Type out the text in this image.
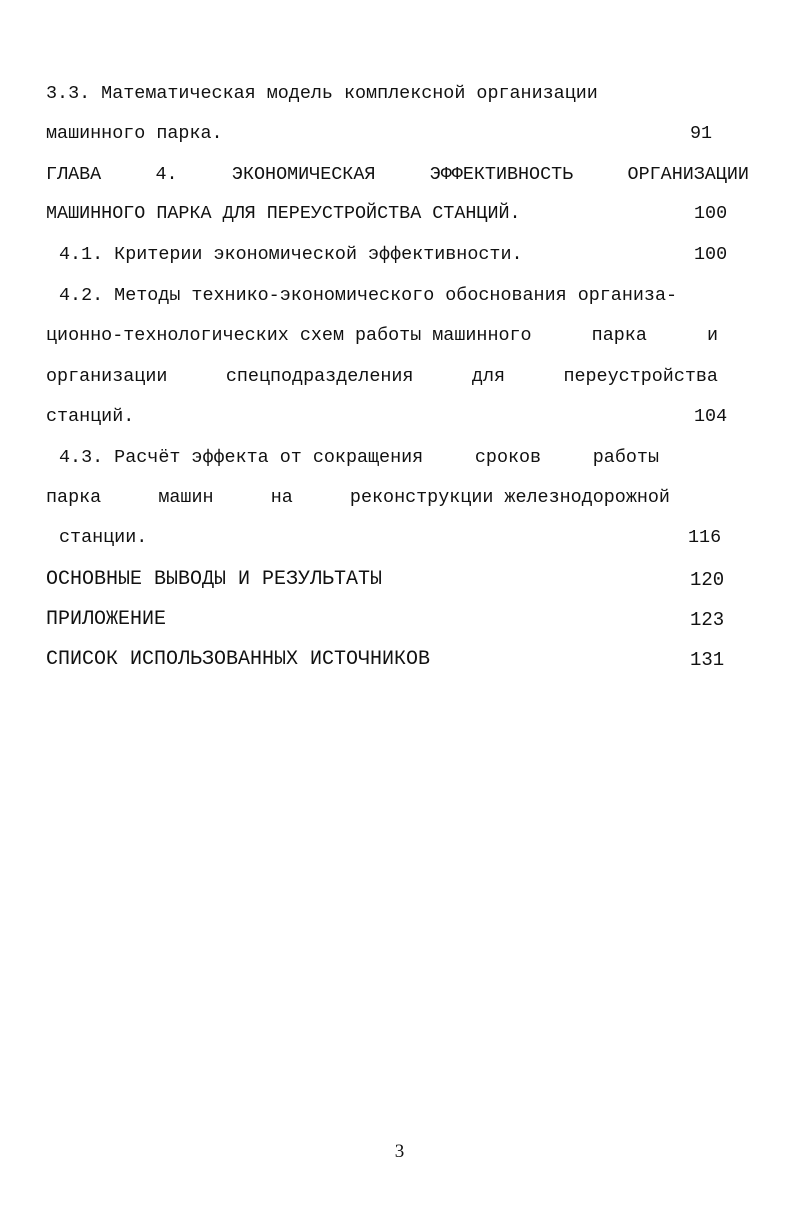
3.3. Математическая модель комплексной организации
машинного парка.	91
ГЛАВА	4.	ЭКОНОМИЧЕСКАЯ	ЭФФЕКТИВНОСТЬ	ОРГАНИЗАЦИИ
МАШИННОГО ПАРКА ДЛЯ ПЕРЕУСТРОЙСТВА СТАНЦИЙ.	100
4.1. Критерии экономической эффективности.	100
4.2. Методы технико-экономического обоснования организа-
ционно-технологических схем работы машинного	парка	и
организации	спецподразделения	для	переустройства
станций.	104
4.3. Расчёт эффекта от сокращения	сроков	работы
парка	машин	на	реконструкции железнодорожной
станции.	116
ОСНОВНЫЕ ВЫВОДЫ И РЕЗУЛЬТАТЫ	120
ПРИЛОЖЕНИЕ	123
СПИСОК ИСПОЛЬЗОВАННЫХ ИСТОЧНИКОВ	131
3
